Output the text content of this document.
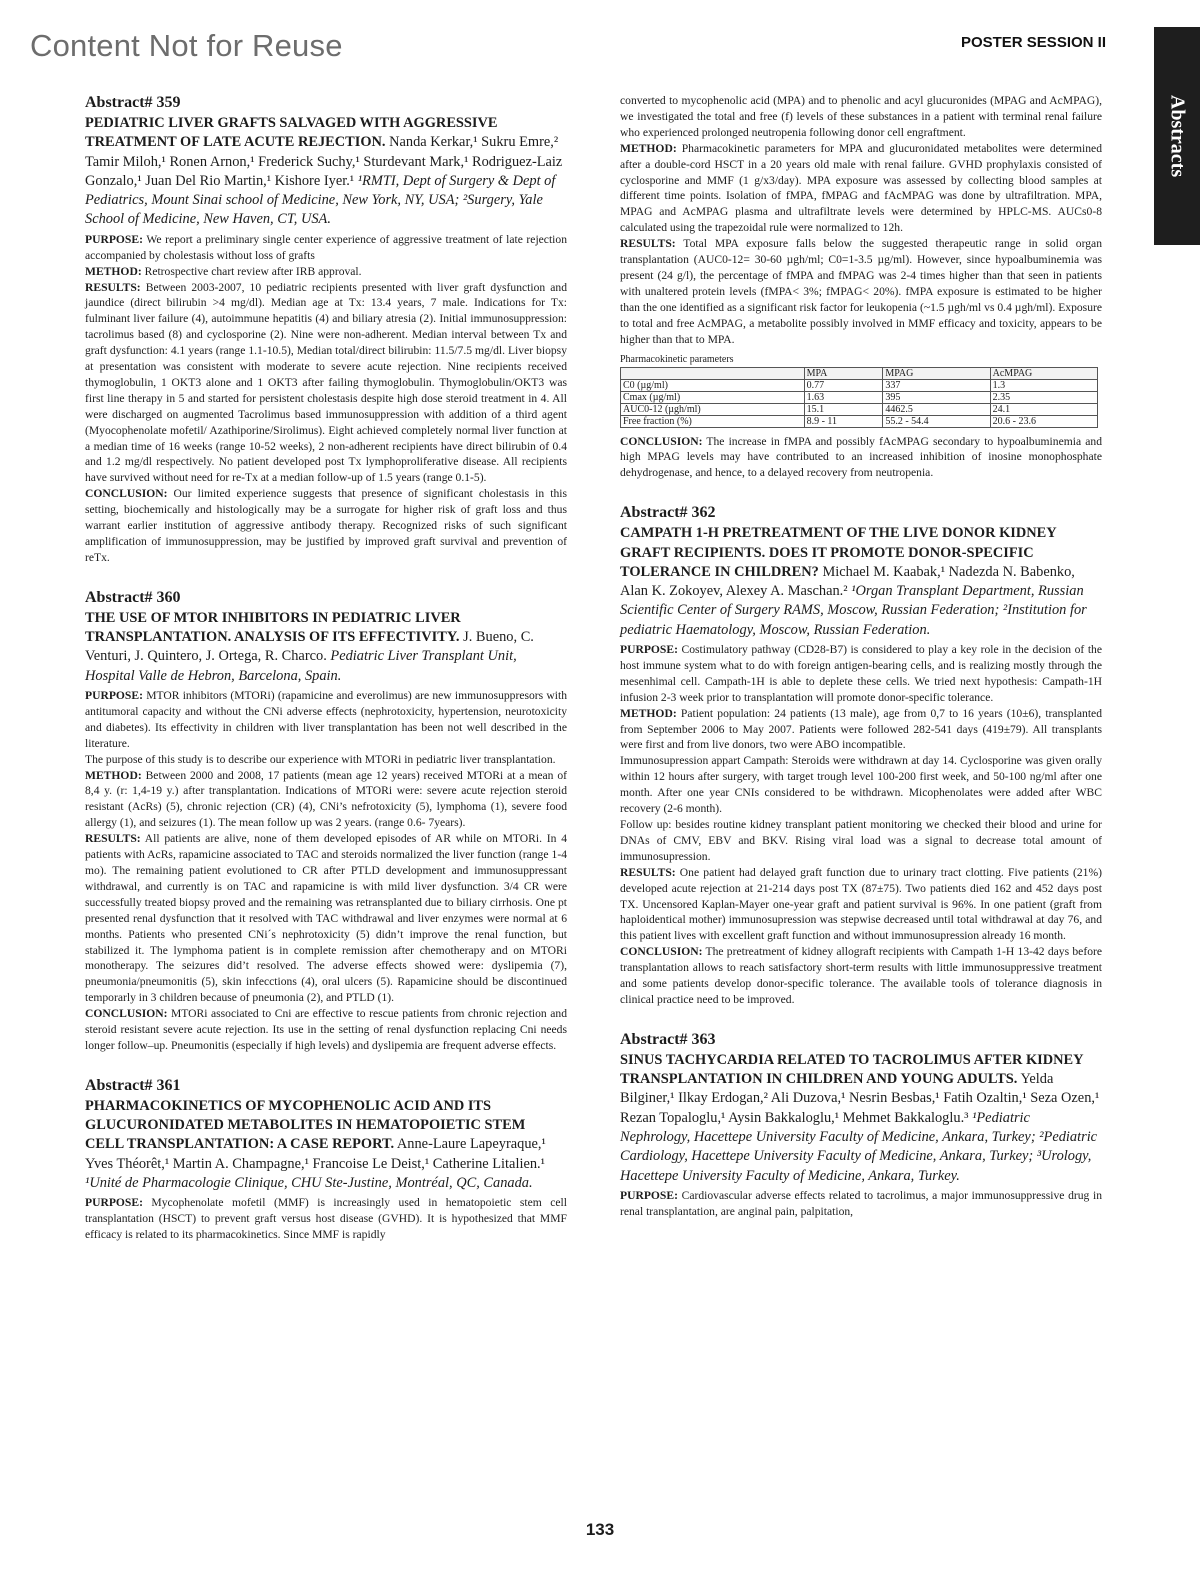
Content Not for Reuse	POSTER SESSION II
Abstracts
Abstract# 359
PEDIATRIC LIVER GRAFTS SALVAGED WITH AGGRESSIVE TREATMENT OF LATE ACUTE REJECTION. Nanda Kerkar,¹ Sukru Emre,² Tamir Miloh,¹ Ronen Arnon,¹ Frederick Suchy,¹ Sturdevant Mark,¹ Rodriguez-Laiz Gonzalo,¹ Juan Del Rio Martin,¹ Kishore Iyer.¹ ¹RMTI, Dept of Surgery & Dept of Pediatrics, Mount Sinai school of Medicine, New York, NY, USA; ²Surgery, Yale School of Medicine, New Haven, CT, USA.

PURPOSE: We report a preliminary single center experience of aggressive treatment of late rejection accompanied by cholestasis without loss of grafts

METHOD: Retrospective chart review after IRB approval.

RESULTS: Between 2003-2007, 10 pediatric recipients presented with liver graft dysfunction and jaundice (direct bilirubin >4 mg/dl). Median age at Tx: 13.4 years, 7 male. Indications for Tx: fulminant liver failure (4), autoimmune hepatitis (4) and biliary atresia (2). Initial immunosuppression: tacrolimus based (8) and cyclosporine (2). Nine were non-adherent. Median interval between Tx and graft dysfunction: 4.1 years (range 1.1-10.5), Median total/direct bilirubin: 11.5/7.5 mg/dl. Liver biopsy at presentation was consistent with moderate to severe acute rejection. Nine recipients received thymoglobulin, 1 OKT3 alone and 1 OKT3 after failing thymoglobulin. Thymoglobulin/OKT3 was first line therapy in 5 and started for persistent cholestasis despite high dose steroid treatment in 4. All were discharged on augmented Tacrolimus based immunosuppression with addition of a third agent (Myocophenolate mofetil/ Azathiporine/Sirolimus). Eight achieved completely normal liver function at a median time of 16 weeks (range 10-52 weeks), 2 non-adherent recipients have direct bilirubin of 0.4 and 1.2 mg/dl respectively. No patient developed post Tx lymphoproliferative disease. All recipients have survived without need for re-Tx at a median follow-up of 1.5 years (range 0.1-5).

CONCLUSION: Our limited experience suggests that presence of significant cholestasis in this setting, biochemically and histologically may be a surrogate for higher risk of graft loss and thus warrant earlier institution of aggressive antibody therapy. Recognized risks of such significant amplification of immunosuppression, may be justified by improved graft survival and prevention of reTx.

Abstract# 360
THE USE OF MTOR INHIBITORS IN PEDIATRIC LIVER TRANSPLANTATION. ANALYSIS OF ITS EFFECTIVITY. J. Bueno, C. Venturi, J. Quintero, J. Ortega, R. Charco. Pediatric Liver Transplant Unit, Hospital Valle de Hebron, Barcelona, Spain.

PURPOSE: MTOR inhibitors (MTORi) (rapamicine and everolimus) are new immunosuppresors with antitumoral capacity and without the CNi adverse effects (nephrotoxicity, hypertension, neurotoxicity and diabetes). Its effectivity in children with liver transplantation has been not well described in the literature.

The purpose of this study is to describe our experience with MTORi in pediatric liver transplantation.

METHOD: Between 2000 and 2008, 17 patients (mean age 12 years) received MTORi at a mean of 8,4 y. (r: 1,4-19 y.) after transplantation. Indications of MTORi were: severe acute rejection steroid resistant (AcRs) (5), chronic rejection (CR) (4), CNi’s nefrotoxicity (5), lymphoma (1), severe food allergy (1), and seizures (1). The mean follow up was 2 years. (range 0.6- 7years).

RESULTS: All patients are alive, none of them developed episodes of AR while on MTORi. In 4 patients with AcRs, rapamicine associated to TAC and steroids normalized the liver function (range 1-4 mo). The remaining patient evolutioned to CR after PTLD development and immunosuppressant withdrawal, and currently is on TAC and rapamicine is with mild liver dysfunction. 3/4 CR were successfully treated biopsy proved and the remaining was retransplanted due to biliary cirrhosis. One pt presented renal dysfunction that it resolved with TAC withdrawal and liver enzymes were normal at 6 months. Patients who presented CNi´s nephrotoxicity (5) didn’t improve the renal function, but stabilized it. The lymphoma patient is in complete remission after chemotherapy and on MTORi monotherapy. The seizures did’t resolved. The adverse effects showed were: dyslipemia (7), pneumonia/pneumonitis (5), skin infecctions (4), oral ulcers (5). Rapamicine should be discontinued temporarly in 3 children because of pneumonia (2), and PTLD (1).

CONCLUSION: MTORi associated to Cni are effective to rescue patients from chronic rejection and steroid resistant severe acute rejection. Its use in the setting of renal dysfunction replacing Cni needs longer follow–up. Pneumonitis (especially if high levels) and dyslipemia are frequent adverse effects.

Abstract# 361
PHARMACOKINETICS OF MYCOPHENOLIC ACID AND ITS GLUCURONIDATED METABOLITES IN HEMATOPOIETIC STEM CELL TRANSPLANTATION: A CASE REPORT. Anne-Laure Lapeyraque,¹ Yves Théorêt,¹ Martin A. Champagne,¹ Francoise Le Deist,¹ Catherine Litalien.¹ ¹Unité de Pharmacologie Clinique, CHU Ste-Justine, Montréal, QC, Canada.

PURPOSE: Mycophenolate mofetil (MMF) is increasingly used in hematopoietic stem cell transplantation (HSCT) to prevent graft versus host disease (GVHD). It is hypothesized that MMF efficacy is related to its pharmacokinetics. Since MMF is rapidly

converted to mycophenolic acid (MPA) and to phenolic and acyl glucuronides (MPAG and AcMPAG), we investigated the total and free (f) levels of these substances in a patient with terminal renal failure who experienced prolonged neutropenia following donor cell engraftment.

METHOD: Pharmacokinetic parameters for MPA and glucuronidated metabolites were determined after a double-cord HSCT in a 20 years old male with renal failure. GVHD prophylaxis consisted of cyclosporine and MMF (1 g/x3/day). MPA exposure was assessed by collecting blood samples at different time points. Isolation of fMPA, fMPAG and fAcMPAG was done by ultrafiltration. MPA, MPAG and AcMPAG plasma and ultrafiltrate levels were determined by HPLC-MS. AUCs0-8 calculated using the trapezoidal rule were normalized to 12h.

RESULTS: Total MPA exposure falls below the suggested therapeutic range in solid organ transplantation (AUC0-12= 30-60 µgh/ml; C0=1-3.5 µg/ml). However, since hypoalbuminemia was present (24 g/l), the percentage of fMPA and fMPAG was 2-4 times higher than that seen in patients with unaltered protein levels (fMPA< 3%; fMPAG< 20%). fMPA exposure is estimated to be higher than the one identified as a significant risk factor for leukopenia (~1.5 µgh/ml vs 0.4 µgh/ml). Exposure to total and free AcMPAG, a metabolite possibly involved in MMF efficacy and toxicity, appears to be higher than that to MPA.

Pharmacokinetic parameters
	MPA	MPAG	AcMPAG
C0 (µg/ml)	0.77	337	1.3
Cmax (µg/ml)	1.63	395	2.35
AUC0-12 (µgh/ml)	15.1	4462.5	24.1
Free fraction (%)	8.9 - 11	55.2 - 54.4	20.6 - 23.6

CONCLUSION: The increase in fMPA and possibly fAcMPAG secondary to hypoalbuminemia and high MPAG levels may have contributed to an increased inhibition of inosine monophosphate dehydrogenase, and hence, to a delayed recovery from neutropenia.

Abstract# 362
CAMPATH 1-H PRETREATMENT OF THE LIVE DONOR KIDNEY GRAFT RECIPIENTS. DOES IT PROMOTE DONOR-SPECIFIC TOLERANCE IN CHILDREN? Michael M. Kaabak,¹ Nadezda N. Babenko, Alan K. Zokoyev, Alexey A. Maschan.² ¹Organ Transplant Department, Russian Scientific Center of Surgery RAMS, Moscow, Russian Federation; ²Institution for pediatric Haematology, Moscow, Russian Federation.

PURPOSE: Costimulatory pathway (CD28-B7) is considered to play a key role in the decision of the host immune system what to do with foreign antigen-bearing cells, and is realizing mostly through the mesenhimal cell. Campath-1H is able to deplete these cells. We tried next hypothesis: Campath-1H infusion 2-3 week prior to transplantation will promote donor-specific tolerance.

METHOD: Patient population: 24 patients (13 male), age from 0,7 to 16 years (10±6), transplanted from September 2006 to May 2007. Patients were followed 282-541 days (419±79). All transplants were first and from live donors, two were ABO incompatible.

Immunosupression appart Campath: Steroids were withdrawn at day 14. Cyclosporine was given orally within 12 hours after surgery, with target trough level 100-200 first week, and 50-100 ng/ml after one month. After one year CNIs considered to be withdrawn. Micophenolates were added after WBC recovery (2-6 month).

Follow up: besides routine kidney transplant patient monitoring we checked their blood and urine for DNAs of CMV, EBV and BKV. Rising viral load was a signal to decrease total amount of immunosupression.

RESULTS: One patient had delayed graft function due to urinary tract clotting. Five patients (21%) developed acute rejection at 21-214 days post TX (87±75). Two patients died 162 and 452 days post TX. Uncensored Kaplan-Mayer one-year graft and patient survival is 96%. In one patient (graft from haploidentical mother) immunosupression was stepwise decreased until total withdrawal at day 76, and this patient lives with excellent graft function and without immunosupression already 16 month.

CONCLUSION: The pretreatment of kidney allograft recipients with Campath 1-H 13-42 days before transplantation allows to reach satisfactory short-term results with little immunosuppressive treatment and some patients develop donor-specific tolerance. The available tools of tolerance diagnosis in clinical practice need to be improved.

Abstract# 363
SINUS TACHYCARDIA RELATED TO TACROLIMUS AFTER KIDNEY TRANSPLANTATION IN CHILDREN AND YOUNG ADULTS. Yelda Bilginer,¹ Ilkay Erdogan,² Ali Duzova,¹ Nesrin Besbas,¹ Fatih Ozaltin,¹ Seza Ozen,¹ Rezan Topaloglu,¹ Aysin Bakkaloglu,¹ Mehmet Bakkaloglu.³ ¹Pediatric Nephrology, Hacettepe University Faculty of Medicine, Ankara, Turkey; ²Pediatric Cardiology, Hacettepe University Faculty of Medicine, Ankara, Turkey; ³Urology, Hacettepe University Faculty of Medicine, Ankara, Turkey.

PURPOSE: Cardiovascular adverse effects related to tacrolimus, a major immunosuppressive drug in renal transplantation, are anginal pain, palpitation,

133
